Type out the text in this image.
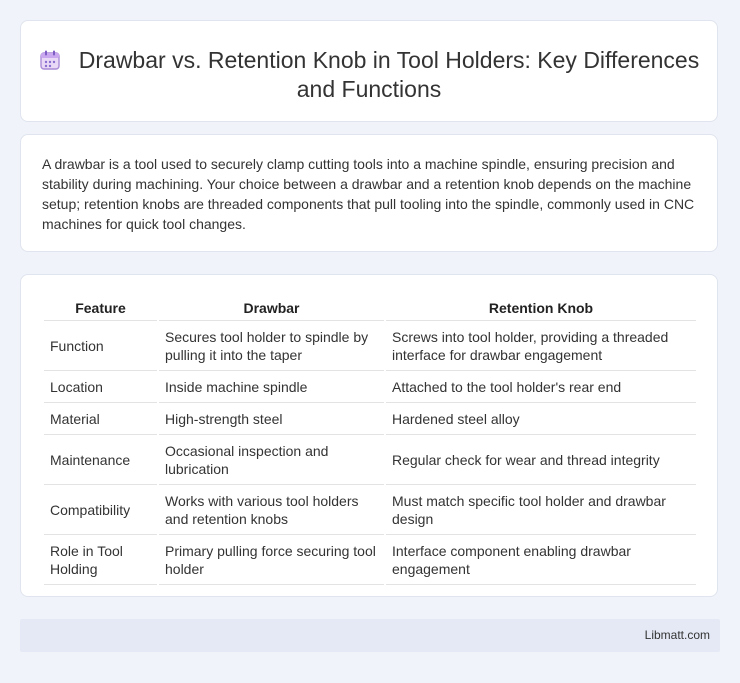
Drawbar vs. Retention Knob in Tool Holders: Key Differences and Functions

A drawbar is a tool used to securely clamp cutting tools into a machine spindle, ensuring precision and stability during machining. Your choice between a drawbar and a retention knob depends on the machine setup; retention knobs are threaded components that pull tooling into the spindle, commonly used in CNC machines for quick tool changes.

Feature	Drawbar	Retention Knob
Function	Secures tool holder to spindle by pulling it into the taper	Screws into tool holder, providing a threaded interface for drawbar engagement
Location	Inside machine spindle	Attached to the tool holder's rear end
Material	High-strength steel	Hardened steel alloy
Maintenance	Occasional inspection and lubrication	Regular check for wear and thread integrity
Compatibility	Works with various tool holders and retention knobs	Must match specific tool holder and drawbar design
Role in Tool Holding	Primary pulling force securing tool holder	Interface component enabling drawbar engagement
Libmatt.com
